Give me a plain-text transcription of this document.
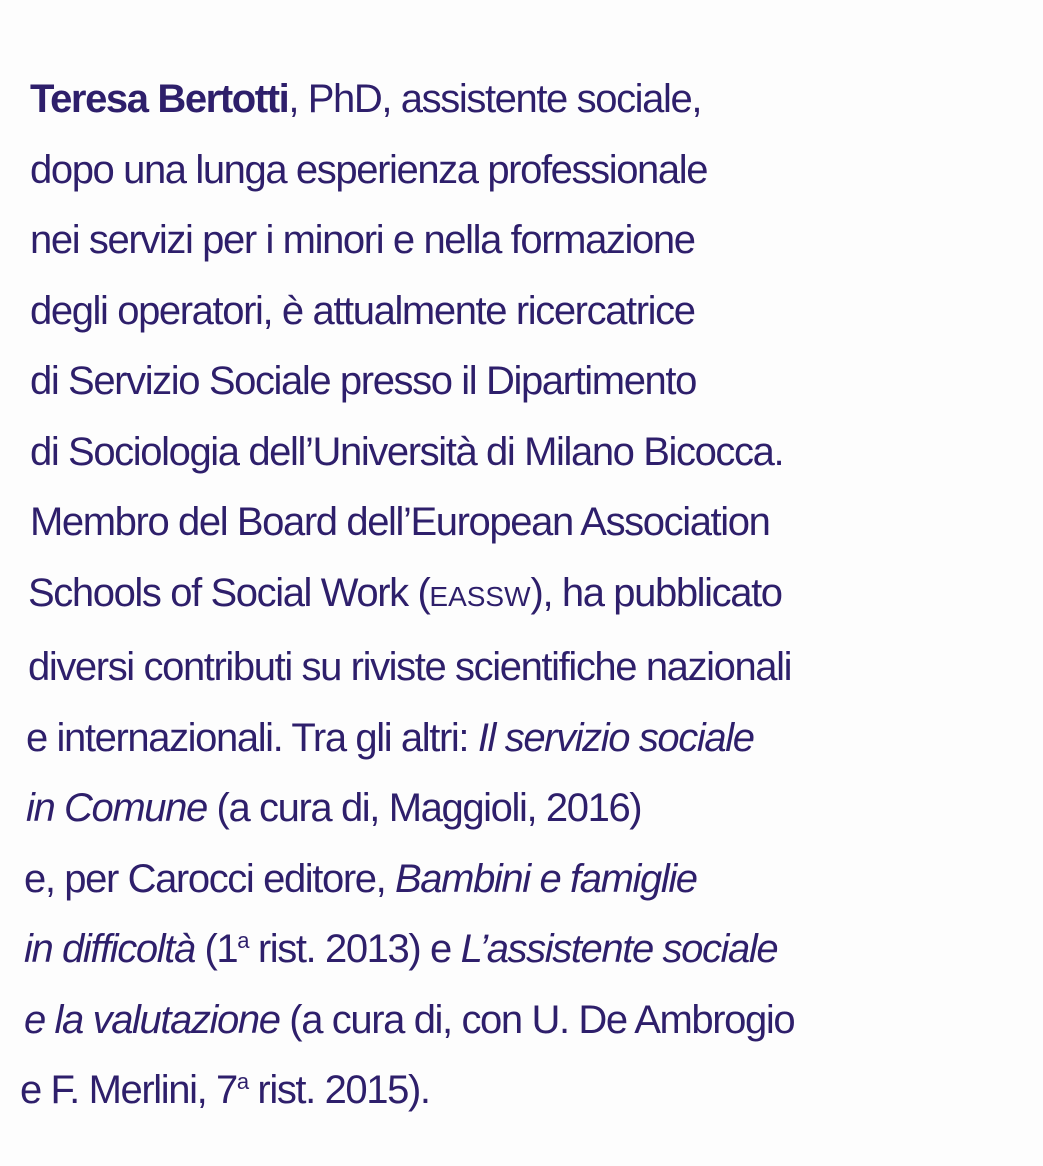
Teresa Bertotti, PhD, assistente sociale,
dopo una lunga esperienza professionale
nei servizi per i minori e nella formazione
degli operatori, è attualmente ricercatrice
di Servizio Sociale presso il Dipartimento
di Sociologia dell’Università di Milano Bicocca.
Membro del Board dell’European Association
Schools of Social Work (EASSW), ha pubblicato
diversi contributi su riviste scientifiche nazionali
e internazionali. Tra gli altri: Il servizio sociale
in Comune (a cura di, Maggioli, 2016)
e, per Carocci editore, Bambini e famiglie
in difficoltà (1$^a$ rist. 2013) e L’assistente sociale
e la valutazione (a cura di, con U. De Ambrogio
e F. Merlini, 7$^a$ rist. 2015).
